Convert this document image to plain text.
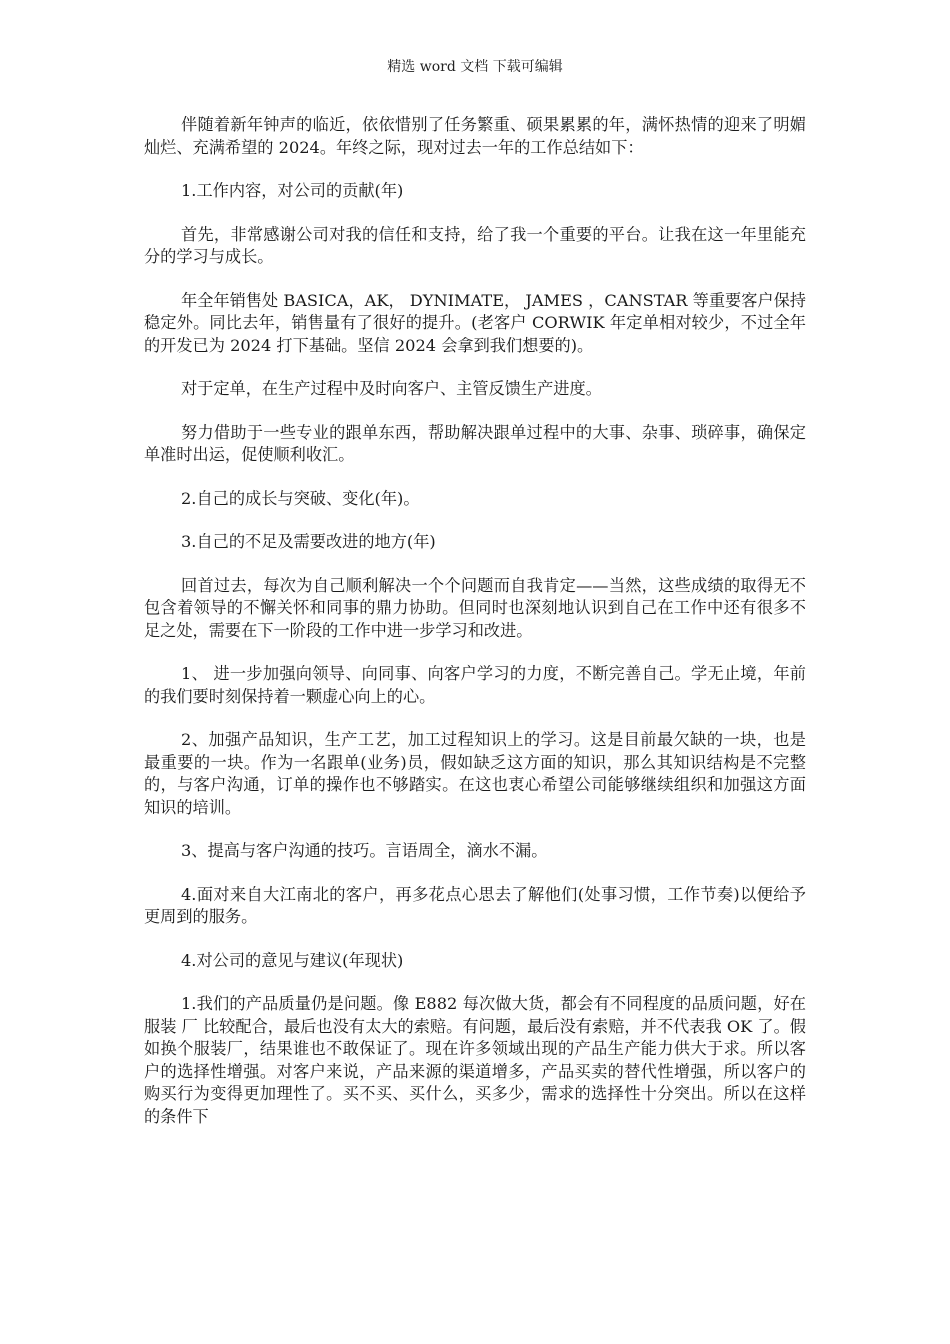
精选 word 文档 下载可编辑

伴随着新年钟声的临近，依依惜别了任务繁重、硕果累累的年，满怀热情的迎来了明媚灿烂、充满希望的 2024。年终之际，现对过去一年的工作总结如下：

1.工作内容，对公司的贡献(年)

首先，非常感谢公司对我的信任和支持，给了我一个重要的平台。让我在这一年里能充分的学习与成长。

年全年销售处 BASICA，AK， DYNIMATE， JAMES ，CANSTAR 等重要客户保持稳定外。同比去年，销售量有了很好的提升。(老客户 CORWIK 年定单相对较少，不过全年的开发已为 2024 打下基础。坚信 2024 会拿到我们想要的)。

对于定单，在生产过程中及时向客户、主管反馈生产进度。

努力借助于一些专业的跟单东西，帮助解决跟单过程中的大事、杂事、琐碎事，确保定单准时出运，促使顺利收汇。

2.自己的成长与突破、变化(年)。

3.自己的不足及需要改进的地方(年)

回首过去，每次为自己顺利解决一个个问题而自我肯定——当然，这些成绩的取得无不包含着领导的不懈关怀和同事的鼎力协助。但同时也深刻地认识到自己在工作中还有很多不足之处，需要在下一阶段的工作中进一步学习和改进。

1、 进一步加强向领导、向同事、向客户学习的力度，不断完善自己。学无止境，年前的我们要时刻保持着一颗虚心向上的心。

2、加强产品知识，生产工艺，加工过程知识上的学习。这是目前最欠缺的一块，也是最重要的一块。作为一名跟单(业务)员，假如缺乏这方面的知识，那么其知识结构是不完整的，与客户沟通，订单的操作也不够踏实。在这也衷心希望公司能够继续组织和加强这方面知识的培训。

3、提高与客户沟通的技巧。言语周全，滴水不漏。

4.面对来自大江南北的客户，再多花点心思去了解他们(处事习惯，工作节奏)以便给予更周到的服务。

4.对公司的意见与建议(年现状)

1.我们的产品质量仍是问题。像 E882 每次做大货，都会有不同程度的品质问题，好在服装 厂 比较配合，最后也没有太大的索赔。有问题，最后没有索赔，并不代表我 OK 了。假如换个服装厂，结果谁也不敢保证了。现在许多领域出现的产品生产能力供大于求。所以客户的选择性增强。对客户来说，产品来源的渠道增多，产品买卖的替代性增强，所以客户的购买行为变得更加理性了。买不买、买什么，买多少，需求的选择性十分突出。所以在这样的条件下
